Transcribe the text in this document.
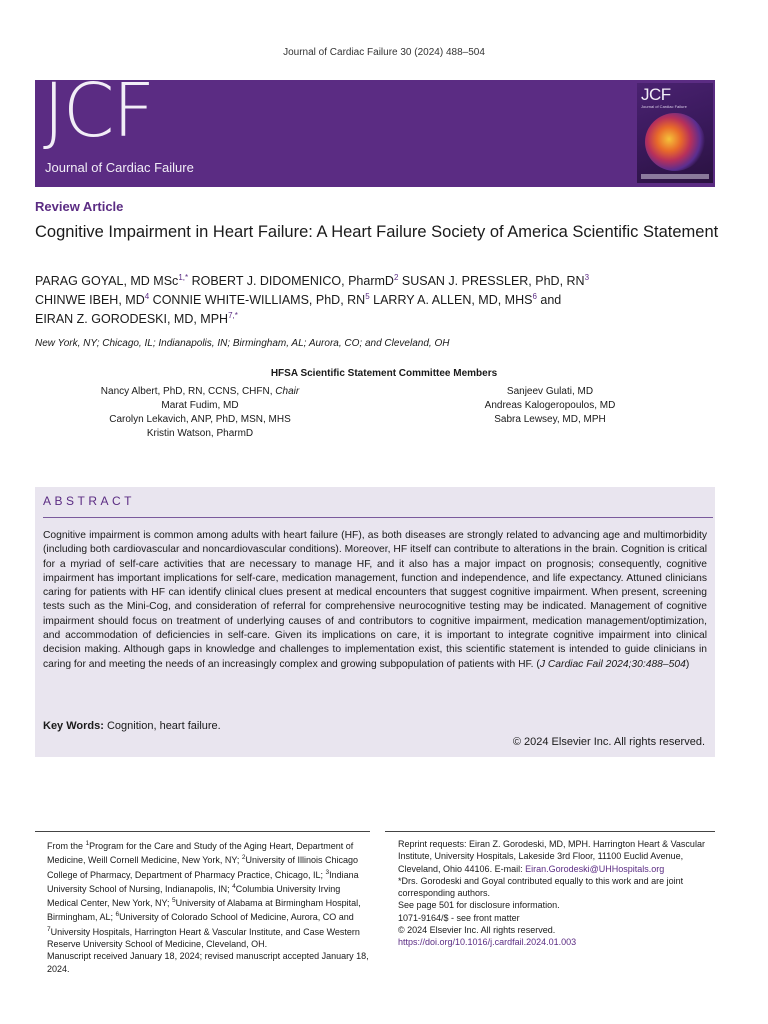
Journal of Cardiac Failure 30 (2024) 488–504
JCF
Journal of Cardiac Failure
JCF
Journal of Cardiac Failure
Review Article
Cognitive Impairment in Heart Failure: A Heart Failure Society of America Scientific Statement
PARAG GOYAL, MD MSc$^{1,*}$ ROBERT J. DIDOMENICO, PharmD$^2$ SUSAN J. PRESSLER, PhD, $RN^3$
CHINWE IBEH, $MD^4$ CONNIE WHITE-WILLIAMS, PhD, $RN^5$ LARRY A. ALLEN, MD, MHS$^6$ and
EIRAN Z. GORODESKI, MD, $MPH^{7,*}$
New York, NY; Chicago, IL; Indianapolis, IN; Birmingham, AL; Aurora, CO; and Cleveland, OH
HFSA Scientific Statement Committee Members
Nancy Albert, PhD, RN, CCNS, CHFN, Chair
Marat Fudim, MD
Carolyn Lekavich, ANP, PhD, MSN, MHS
Kristin Watson, PharmD
Sanjeev Gulati, MD
Andreas Kalogeropoulos, MD
Sabra Lewsey, MD, MPH
ABSTRACT
Cognitive impairment is common among adults with heart failure (HF), as both diseases are strongly related to advancing age and multimorbidity (including both cardiovascular and noncardiovascular conditions). Moreover, HF itself can contribute to alterations in the brain. Cognition is critical for a myriad of self-care activities that are necessary to manage HF, and it also has a major impact on prognosis; consequently, cognitive impairment has important implications for self-care, medication management, function and independence, and life expectancy. Attuned clinicians caring for patients with HF can identify clinical clues present at medical encounters that suggest cognitive impairment. When present, screening tests such as the Mini-Cog, and consideration of referral for comprehensive neurocognitive testing may be indicated. Management of cognitive impairment should focus on treatment of underlying causes of and contributors to cognitive impairment, medication management/optimization, and accommodation of deficiencies in self-care. Given its implications on care, it is important to integrate cognitive impairment into clinical decision making. Although gaps in knowledge and challenges to implementation exist, this scientific statement is intended to guide clinicians in caring for and meeting the needs of an increasingly complex and growing subpopulation of patients with HF. (J Cardiac Fail 2024;30:488–504)
Key Words: Cognition, heart failure.
© 2024 Elsevier Inc. All rights reserved.
From the $^1$Program for the Care and Study of the Aging Heart, Department of Medicine, Weill Cornell Medicine, New York, NY; $^2$University of Illinois Chicago College of Pharmacy, Department of Pharmacy Practice, Chicago, IL; $^3$Indiana University School of Nursing, Indianapolis, IN; $^4$Columbia University Irving Medical Center, New York, NY; $^5$University of Alabama at Birmingham Hospital, Birmingham, AL; $^6$University of Colorado School of Medicine, Aurora, CO and $^7$University Hospitals, Harrington Heart & Vascular Institute, and Case Western Reserve University School of Medicine, Cleveland, OH.
Manuscript received January 18, 2024; revised manuscript accepted January 18, 2024.
Reprint requests: Eiran Z. Gorodeski, MD, MPH. Harrington Heart & Vascular Institute, University Hospitals, Lakeside 3rd Floor, 11100 Euclid Avenue, Cleveland, Ohio 44106. E-mail: Eiran.Gorodeski@UHHospitals.org
*Drs. Gorodeski and Goyal contributed equally to this work and are joint corresponding authors.
See page 501 for disclosure information.
1071-9164/$ - see front matter
© 2024 Elsevier Inc. All rights reserved.
https://doi.org/10.1016/j.cardfail.2024.01.003
